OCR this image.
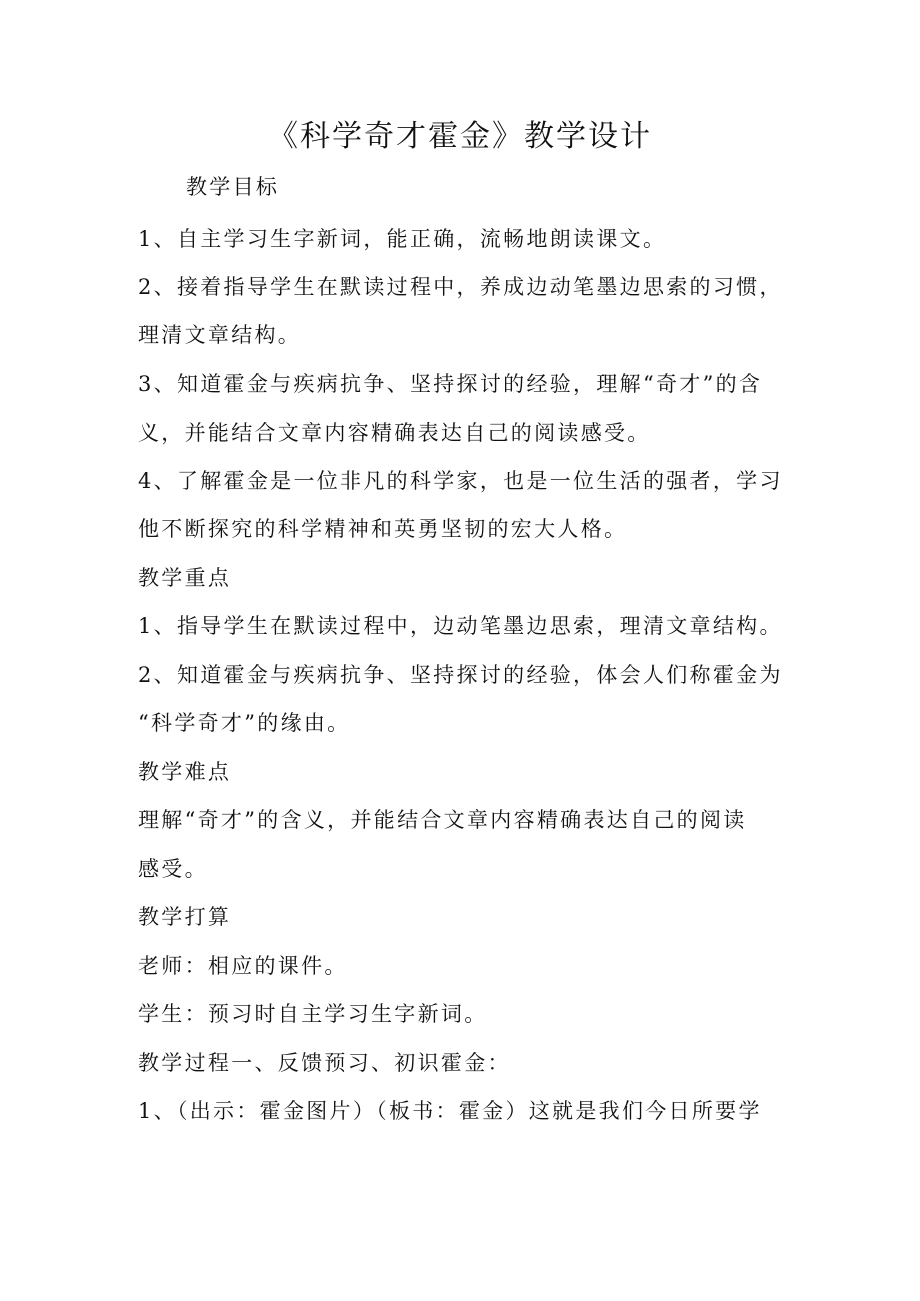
《科学奇才霍金》教学设计
教学目标
1、自主学习生字新词，能正确，流畅地朗读课文。
2、接着指导学生在默读过程中，养成边动笔墨边思索的习惯，
理清文章结构。
3、知道霍金与疾病抗争、坚持探讨的经验，理解“奇才”的含
义，并能结合文章内容精确表达自己的阅读感受。
4、了解霍金是一位非凡的科学家，也是一位生活的强者，学习
他不断探究的科学精神和英勇坚韧的宏大人格。
教学重点
1、指导学生在默读过程中，边动笔墨边思索，理清文章结构。
2、知道霍金与疾病抗争、坚持探讨的经验，体会人们称霍金为
“科学奇才”的缘由。
教学难点
理解“奇才”的含义，并能结合文章内容精确表达自己的阅读
感受。
教学打算
老师：相应的课件。
学生：预习时自主学习生字新词。
教学过程一、反馈预习、初识霍金：
1、（出示：霍金图片）（板书：霍金）这就是我们今日所要学
